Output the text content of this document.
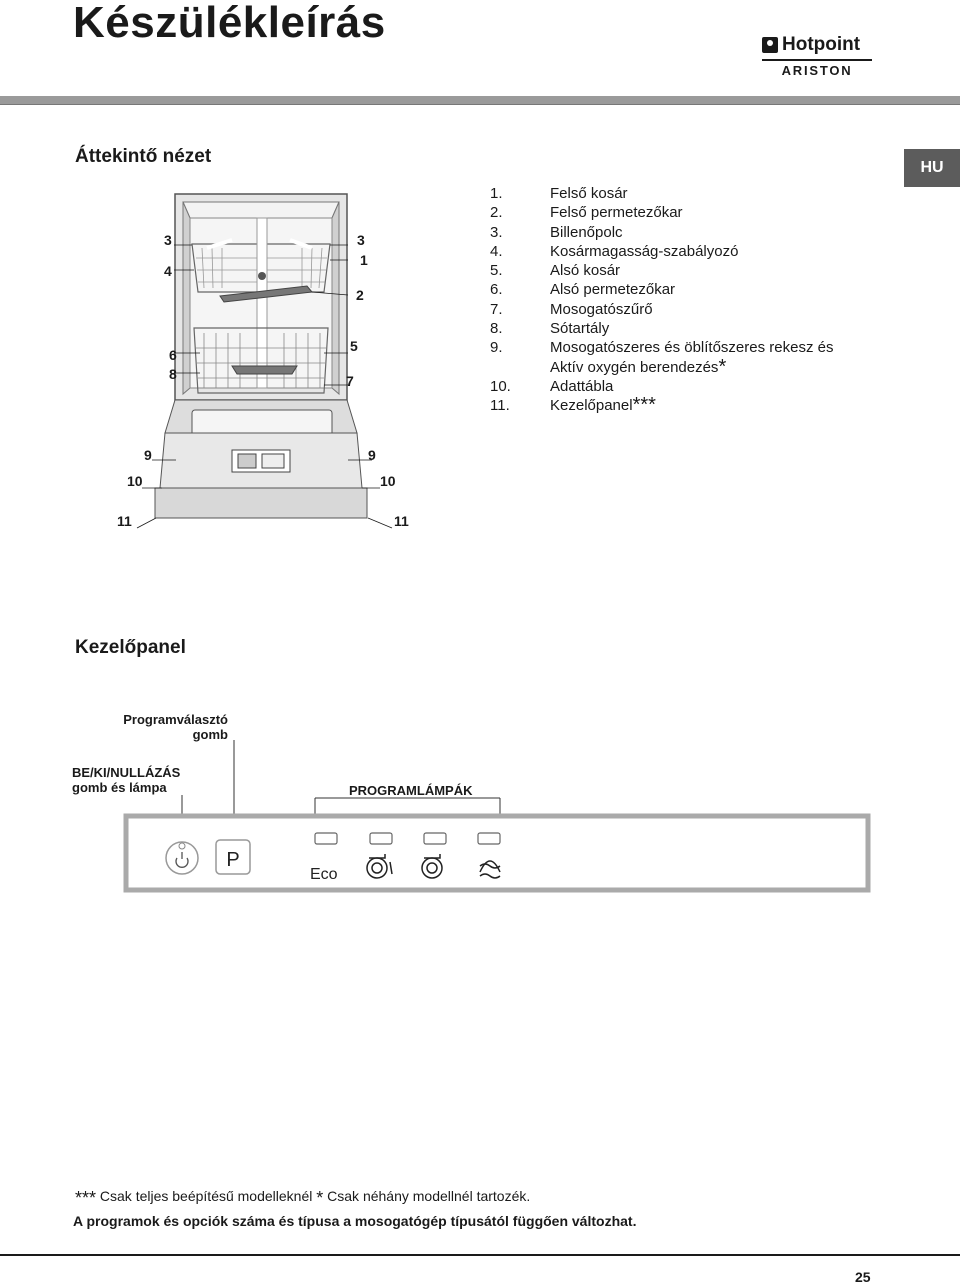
Készülékleírás	Hotpoint
ARISTON
HU
Áttekintő nézet
3
4
6
8
3
1
2
5
7
9
10
11
9
10
11
1.	Felső kosár
2.	Felső permetezőkar
3.	Billenőpolc
4.	Kosármagasság-szabályozó
5.	Alsó kosár
6.	Alsó permetezőkar
7.	Mosogatószűrő
8.	Sótartály
9.	Mosogatószeres és öblítőszeres rekesz és
Aktív oxygén berendezés *
10.	Adattábla
11.	Kezelőpanel ***
Kezelőpanel
Programválasztó
gomb
BE/KI/NULLÁZÁS
gomb és lámpa	PROGRAMLÁMPÁK
P
Eco
*** Csak teljes beépítésű modelleknél * Csak néhány modellnél tartozék.
A programok és opciók száma és típusa a mosogatógép típusától függően változhat.
25
